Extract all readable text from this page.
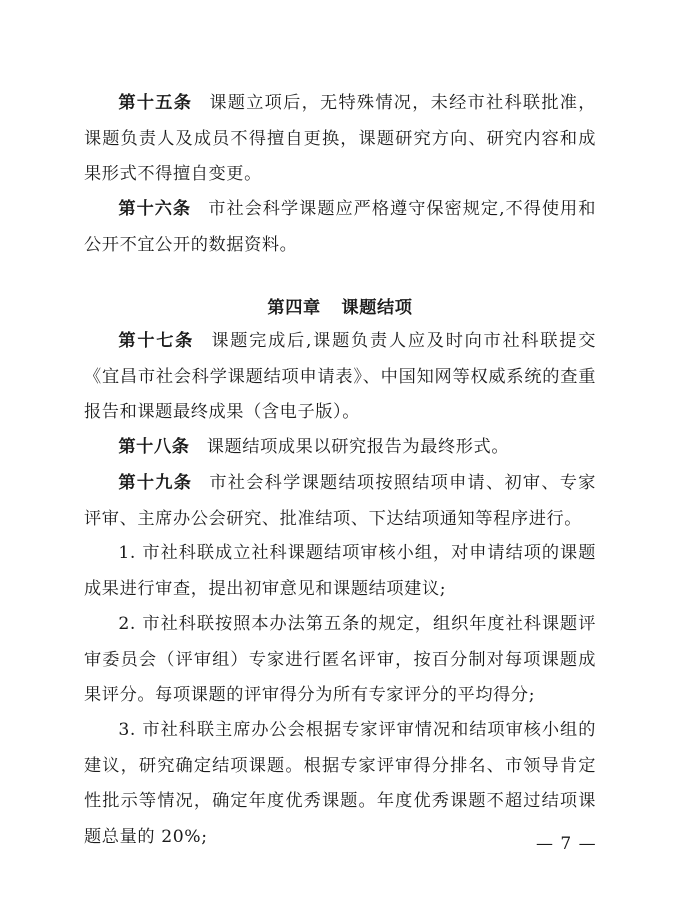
第十五条 课题立项后，无特殊情况，未经市社科联批准，课题负责人及成员不得擅自更换，课题研究方向、研究内容和成果形式不得擅自变更。

第十六条 市社会科学课题应严格遵守保密规定,不得使用和公开不宜公开的数据资料。

第四章 课题结项

第十七条 课题完成后,课题负责人应及时向市社科联提交《宜昌市社会科学课题结项申请表》、中国知网等权威系统的查重报告和课题最终成果（含电子版）。

第十八条 课题结项成果以研究报告为最终形式。

第十九条 市社会科学课题结项按照结项申请、初审、专家评审、主席办公会研究、批准结项、下达结项通知等程序进行。

1. 市社科联成立社科课题结项审核小组，对申请结项的课题成果进行审查，提出初审意见和课题结项建议;

2. 市社科联按照本办法第五条的规定，组织年度社科课题评审委员会（评审组）专家进行匿名评审，按百分制对每项课题成果评分。每项课题的评审得分为所有专家评分的平均得分;

3. 市社科联主席办公会根据专家评审情况和结项审核小组的建议，研究确定结项课题。根据专家评审得分排名、市领导肯定性批示等情况，确定年度优秀课题。年度优秀课题不超过结项课题总量的 20%;	— 7 —
